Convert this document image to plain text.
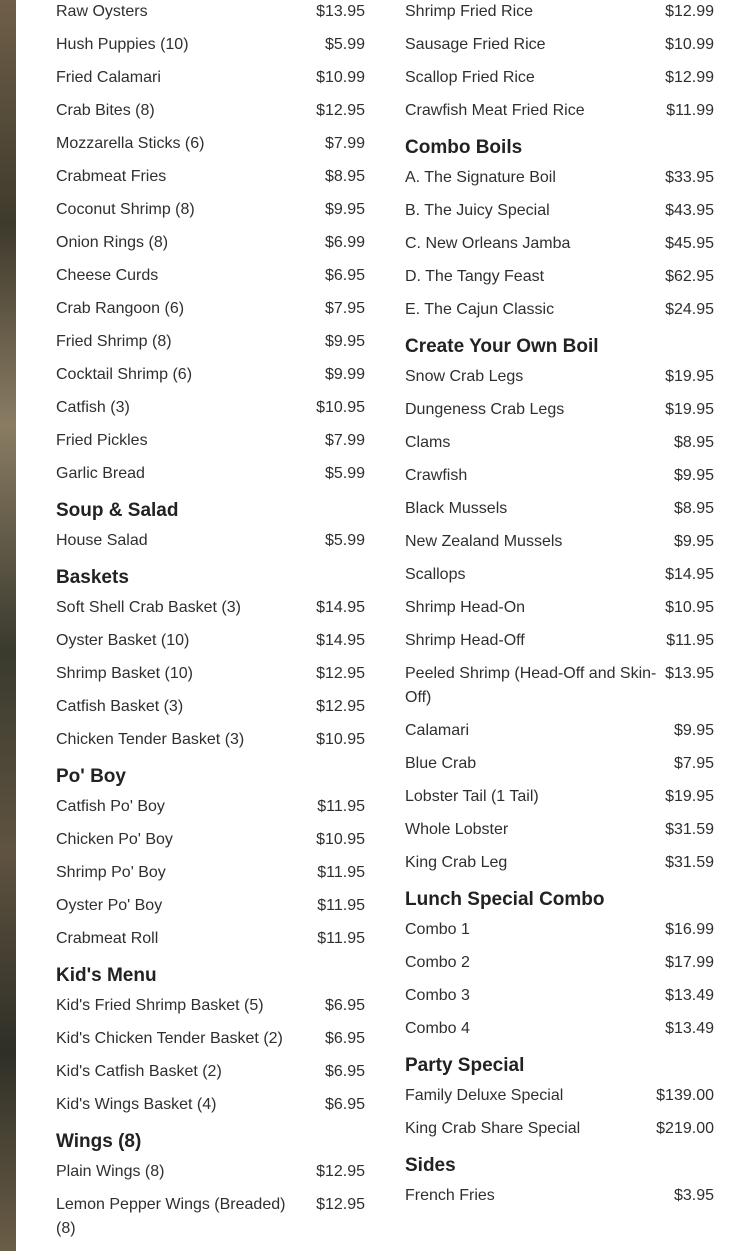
Raw Oysters	$13.95
Hush Puppies (10)	$5.99
Fried Calamari	$10.99
Crab Bites (8)	$12.95
Mozzarella Sticks (6)	$7.99
Crabmeat Fries	$8.95
Coconut Shrimp (8)	$9.95
Onion Rings (8)	$6.99
Cheese Curds	$6.95
Crab Rangoon (6)	$7.95
Fried Shrimp (8)	$9.95
Cocktail Shrimp (6)	$9.99
Catfish (3)	$10.95
Fried Pickles	$7.99
Garlic Bread	$5.99
Soup & Salad
House Salad	$5.99
Baskets
Soft Shell Crab Basket (3)	$14.95
Oyster Basket (10)	$14.95
Shrimp Basket (10)	$12.95
Catfish Basket (3)	$12.95
Chicken Tender Basket (3)	$10.95
Po' Boy
Catfish Po' Boy	$11.95
Chicken Po' Boy	$10.95
Shrimp Po' Boy	$11.95
Oyster Po' Boy	$11.95
Crabmeat Roll	$11.95
Kid's Menu
Kid's Fried Shrimp Basket (5)	$6.95
Kid's Chicken Tender Basket (2)	$6.95
Kid's Catfish Basket (2)	$6.95
Kid's Wings Basket (4)	$6.95
Wings (8)
Plain Wings (8)	$12.95
Lemon Pepper Wings (Breaded) (8)
$12.95
Shrimp Fried Rice	$12.99
Sausage Fried Rice	$10.99
Scallop Fried Rice	$12.99
Crawfish Meat Fried Rice	$11.99
Combo Boils
A. The Signature Boil	$33.95
B. The Juicy Special	$43.95
C. New Orleans Jamba	$45.95
D. The Tangy Feast	$62.95
E. The Cajun Classic	$24.95
Create Your Own Boil
Snow Crab Legs	$19.95
Dungeness Crab Legs	$19.95
Clams	$8.95
Crawfish	$9.95
Black Mussels	$8.95
New Zealand Mussels	$9.95
Scallops	$14.95
Shrimp Head-On	$10.95
Shrimp Head-Off	$11.95
Peeled Shrimp (Head-Off and Skin-Off)
$13.95
Calamari	$9.95
Blue Crab	$7.95
Lobster Tail (1 Tail)	$19.95
Whole Lobster	$31.59
King Crab Leg	$31.59
Lunch Special Combo
Combo 1	$16.99
Combo 2	$17.99
Combo 3	$13.49
Combo 4	$13.49
Party Special
Family Deluxe Special	$139.00
King Crab Share Special	$219.00
Sides
French Fries	$3.95
